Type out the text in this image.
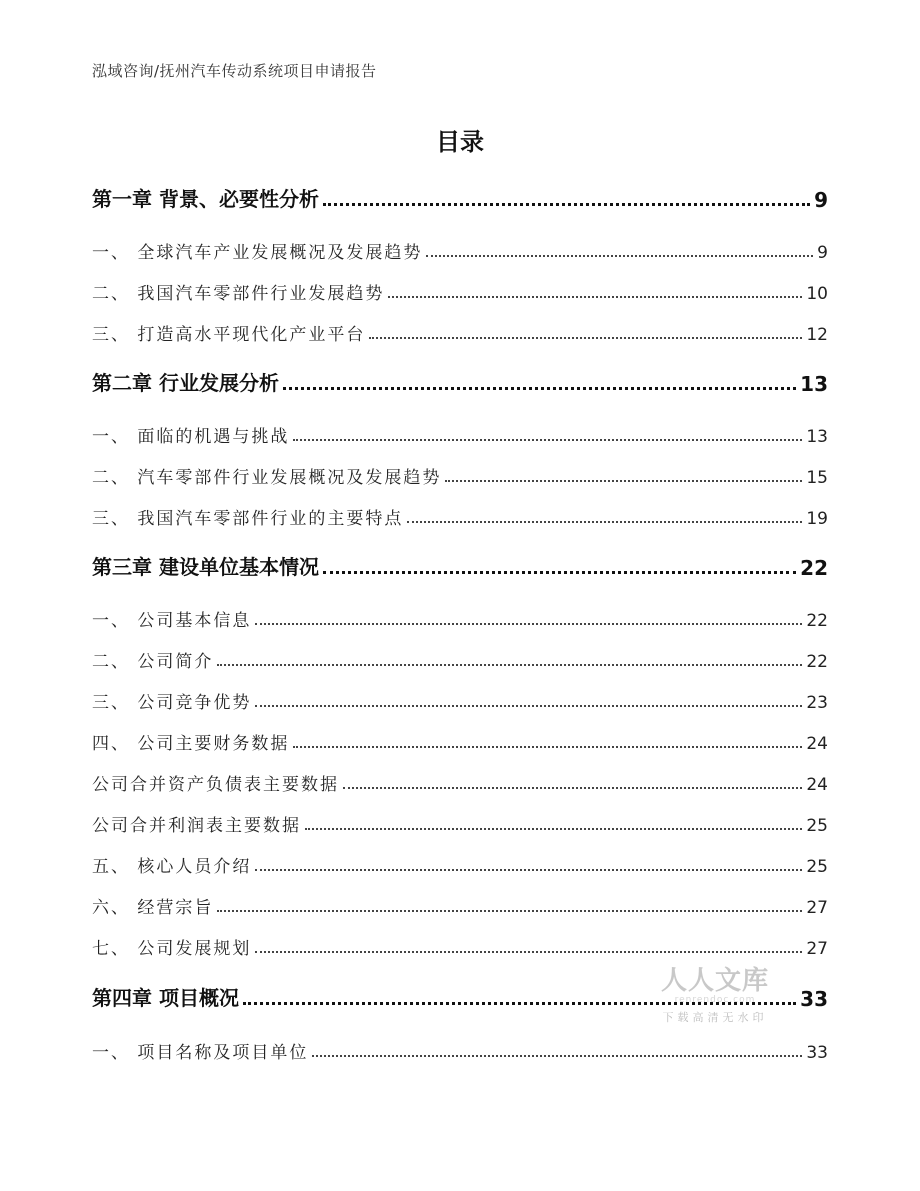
泓域咨询/抚州汽车传动系统项目申请报告
目录
第一章 背景、必要性分析	9
一、 全球汽车产业发展概况及发展趋势	9
二、 我国汽车零部件行业发展趋势	10
三、 打造高水平现代化产业平台	12
第二章 行业发展分析	13
一、 面临的机遇与挑战	13
二、 汽车零部件行业发展概况及发展趋势	15
三、 我国汽车零部件行业的主要特点	19
第三章 建设单位基本情况	22
一、 公司基本信息	22
二、 公司简介	22
三、 公司竞争优势	23
四、 公司主要财务数据	24
公司合并资产负债表主要数据	24
公司合并利润表主要数据	25
五、 核心人员介绍	25
六、 经营宗旨	27
七、 公司发展规划	27
第四章 项目概况	33
一、 项目名称及项目单位	33
人人文库
renrendoc.com
下载高清无水印
